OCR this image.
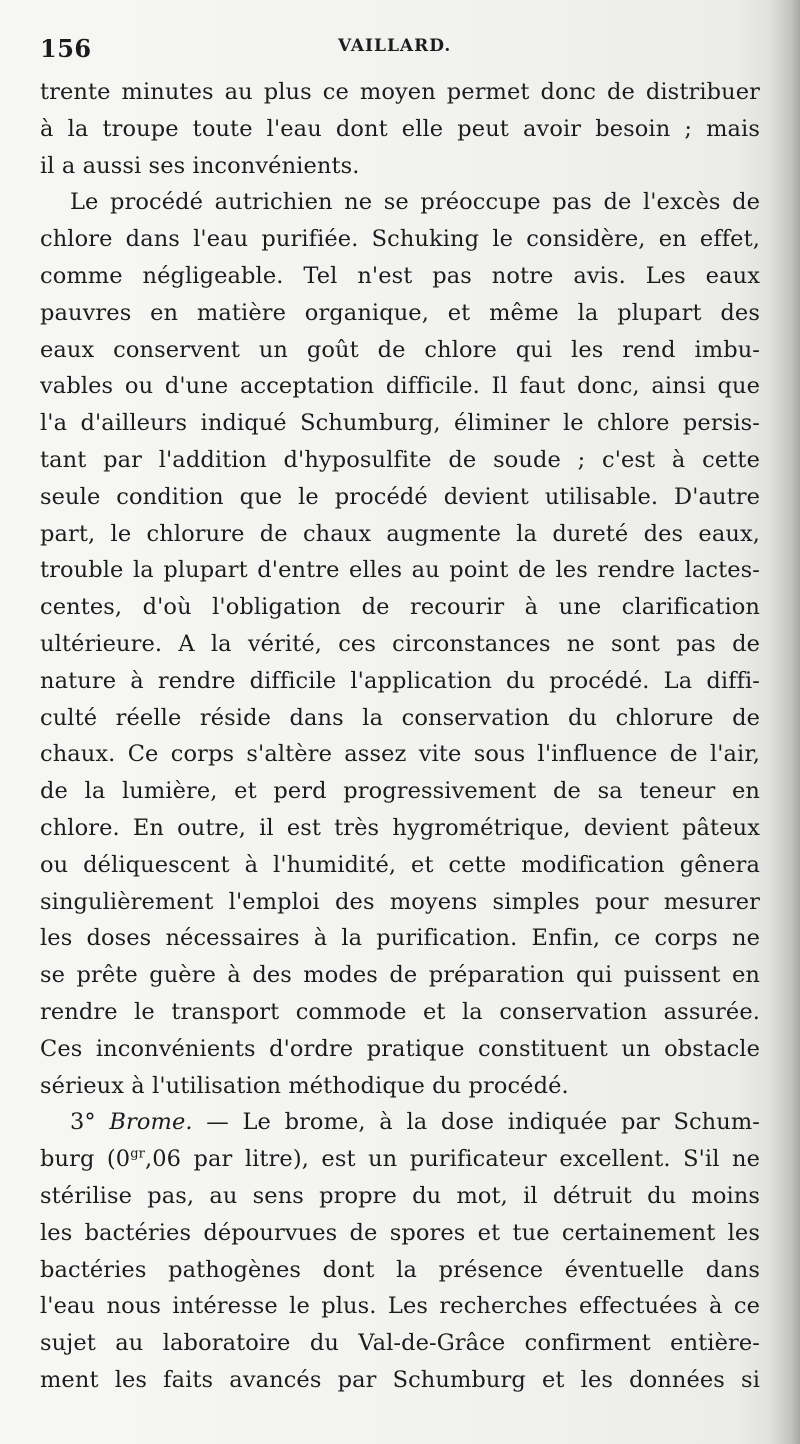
156	VAILLARD.
trente minutes au plus ce moyen permet donc de distribuer
à la troupe toute l'eau dont elle peut avoir besoin ; mais
il a aussi ses inconvénients.
Le procédé autrichien ne se préoccupe pas de l'excès de
chlore dans l'eau purifiée. Schuking le considère, en effet,
comme négligeable. Tel n'est pas notre avis. Les eaux
pauvres en matière organique, et même la plupart des
eaux conservent un goût de chlore qui les rend imbu-
vables ou d'une acceptation difficile. Il faut donc, ainsi que
l'a d'ailleurs indiqué Schumburg, éliminer le chlore persis-
tant par l'addition d'hyposulfite de soude ; c'est à cette
seule condition que le procédé devient utilisable. D'autre
part, le chlorure de chaux augmente la dureté des eaux,
trouble la plupart d'entre elles au point de les rendre lactes-
centes, d'où l'obligation de recourir à une clarification
ultérieure. A la vérité, ces circonstances ne sont pas de
nature à rendre difficile l'application du procédé. La diffi-
culté réelle réside dans la conservation du chlorure de
chaux. Ce corps s'altère assez vite sous l'influence de l'air,
de la lumière, et perd progressivement de sa teneur en
chlore. En outre, il est très hygrométrique, devient pâteux
ou déliquescent à l'humidité, et cette modification gênera
singulièrement l'emploi des moyens simples pour mesurer
les doses nécessaires à la purification. Enfin, ce corps ne
se prête guère à des modes de préparation qui puissent en
rendre le transport commode et la conservation assurée.
Ces inconvénients d'ordre pratique constituent un obstacle
sérieux à l'utilisation méthodique du procédé.
3° Brome. — Le brome, à la dose indiquée par Schum-
burg ($0^{gr},06$ par litre), est un purificateur excellent. S'il ne
stérilise pas, au sens propre du mot, il détruit du moins
les bactéries dépourvues de spores et tue certainement les
bactéries pathogènes dont la présence éventuelle dans
l'eau nous intéresse le plus. Les recherches effectuées à ce
sujet au laboratoire du Val-de-Grâce confirment entière-
ment les faits avancés par Schumburg et les données si
